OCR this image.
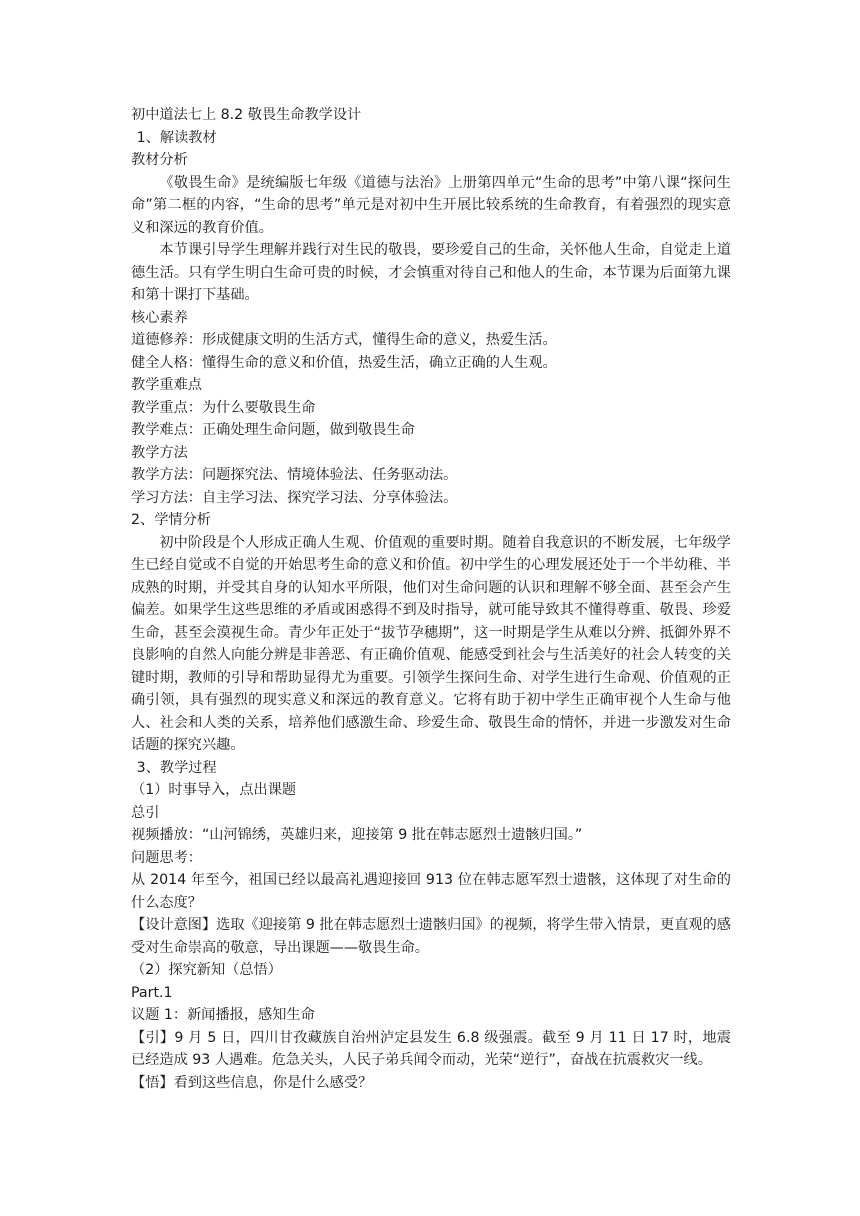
初中道法七上 8.2 敬畏生命教学设计
1、解读教材
教材分析
《敬畏生命》是统编版七年级《道德与法治》上册第四单元“生命的思考”中第八课“探问生命”第二框的内容，“生命的思考”单元是对初中生开展比较系统的生命教育，有着强烈的现实意义和深远的教育价值。
本节课引导学生理解并践行对生民的敬畏，要珍爱自己的生命，关怀他人生命，自觉走上道德生活。只有学生明白生命可贵的时候，才会慎重对待自己和他人的生命，本节课为后面第九课和第十课打下基础。
核心素养
道德修养：形成健康文明的生活方式，懂得生命的意义，热爱生活。
健全人格：懂得生命的意义和价值，热爱生活，确立正确的人生观。
教学重难点
教学重点：为什么要敬畏生命
教学难点：正确处理生命问题，做到敬畏生命
教学方法
教学方法：问题探究法、情境体验法、任务驱动法。
学习方法：自主学习法、探究学习法、分享体验法。
2、学情分析
初中阶段是个人形成正确人生观、价值观的重要时期。随着自我意识的不断发展，七年级学生已经自觉或不自觉的开始思考生命的意义和价值。初中学生的心理发展还处于一个半幼稚、半成熟的时期，并受其自身的认知水平所限，他们对生命问题的认识和理解不够全面、甚至会产生偏差。如果学生这些思维的矛盾或困惑得不到及时指导，就可能导致其不懂得尊重、敬畏、珍爱生命，甚至会漠视生命。青少年正处于“拔节孕穗期”，这一时期是学生从难以分辨、抵御外界不良影响的自然人向能分辨是非善恶、有正确价值观、能感受到社会与生活美好的社会人转变的关键时期，教师的引导和帮助显得尤为重要。引领学生探问生命、对学生进行生命观、价值观的正确引领，具有强烈的现实意义和深远的教育意义。它将有助于初中学生正确审视个人生命与他人、社会和人类的关系，培养他们感激生命、珍爱生命、敬畏生命的情怀，并进一步激发对生命话题的探究兴趣。
3、教学过程
（1）时事导入，点出课题
总引
视频播放：“山河锦绣，英雄归来，迎接第 9 批在韩志愿烈士遗骸归国。”
问题思考：
从 2014 年至今，祖国已经以最高礼遇迎接回 913 位在韩志愿军烈士遗骸，这体现了对生命的什么态度？
【设计意图】选取《迎接第 9 批在韩志愿烈士遗骸归国》的视频，将学生带入情景，更直观的感受对生命崇高的敬意，导出课题——敬畏生命。
（2）探究新知（总悟）
Part.1
议题 1：新闻播报，感知生命
【引】9 月 5 日，四川甘孜藏族自治州泸定县发生 6.8 级强震。截至 9 月 11 日 17 时，地震已经造成 93 人遇难。危急关头，人民子弟兵闻令而动，光荣“逆行”，奋战在抗震救灾一线。
【悟】看到这些信息，你是什么感受？
